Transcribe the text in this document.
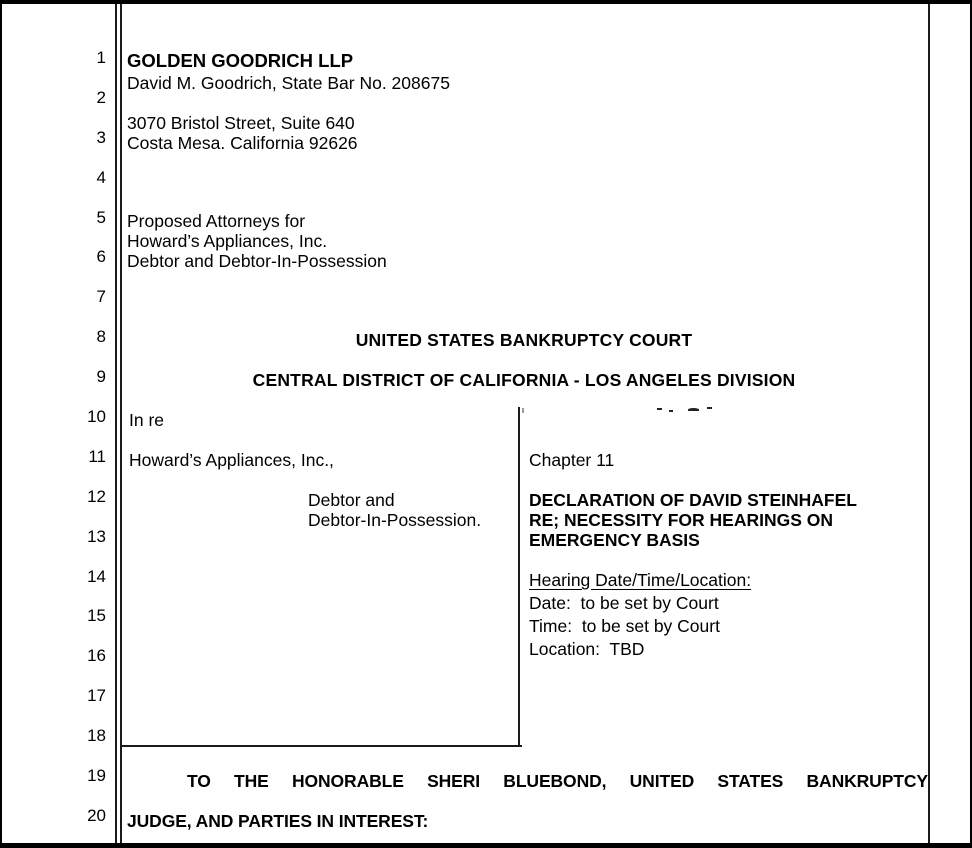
1
2
3
4
5
6
7
8
9
10
11
12
13
14
15
16
17
18
19
20
GOLDEN GOODRICH LLP
David M. Goodrich, State Bar No. 208675
3070 Bristol Street, Suite 640
Costa Mesa. California 92626
Proposed Attorneys for
Howard’s Appliances, Inc.
Debtor and Debtor-In-Possession
UNITED STATES BANKRUPTCY COURT
CENTRAL DISTRICT OF CALIFORNIA - LOS ANGELES DIVISION
In re
Howard’s Appliances, Inc.,
Debtor and
Debtor-In-Possession.
Chapter 11
DECLARATION OF DAVID STEINHAFEL
RE; NECESSITY FOR HEARINGS ON
EMERGENCY BASIS
Hearing Date/Time/Location:
Date:  to be set by Court
Time:  to be set by Court
Location:  TBD
TO THE HONORABLE SHERI BLUEBOND, UNITED STATES BANKRUPTCY
JUDGE, AND PARTIES IN INTEREST:
